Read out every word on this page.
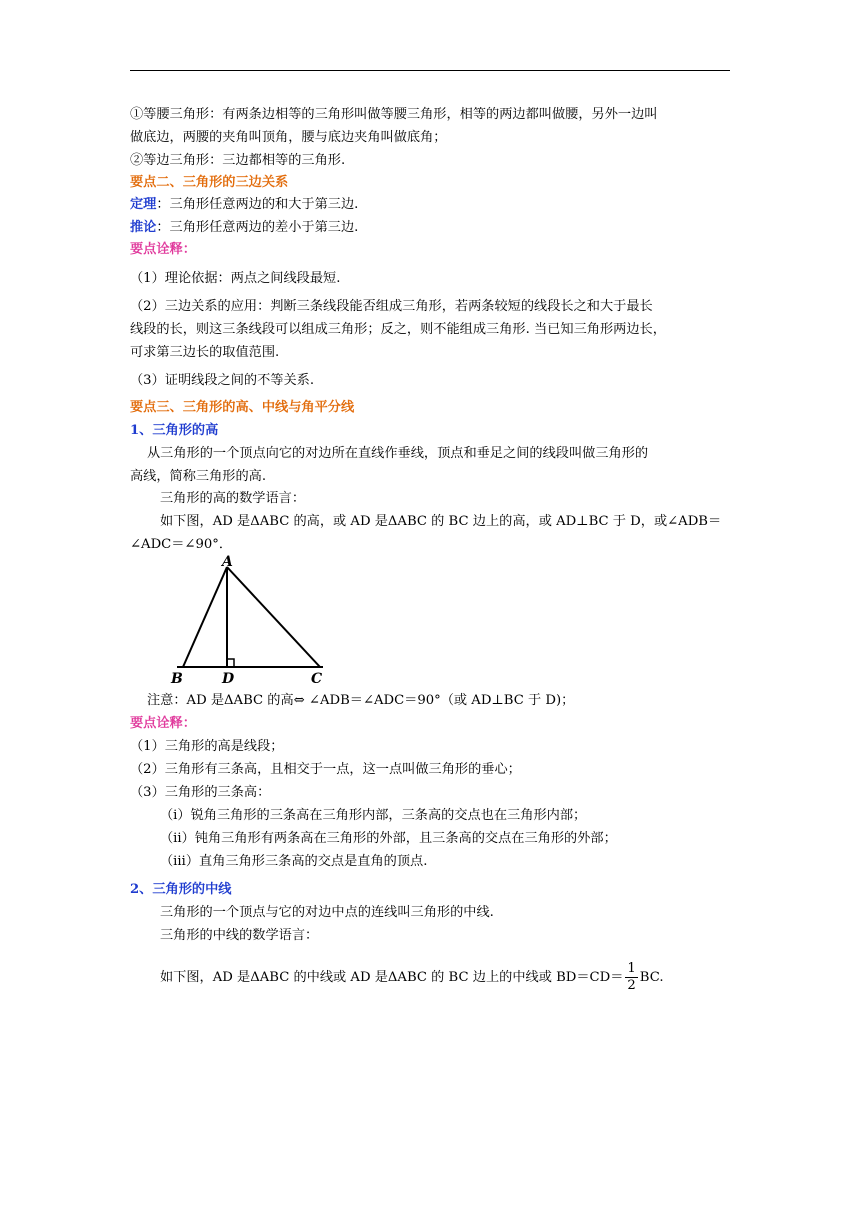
①等腰三角形：有两条边相等的三角形叫做等腰三角形，相等的两边都叫做腰，另外一边叫
做底边，两腰的夹角叫顶角，腰与底边夹角叫做底角；
②等边三角形：三边都相等的三角形.
要点二、三角形的三边关系
定理：三角形任意两边的和大于第三边.
推论：三角形任意两边的差小于第三边.
要点诠释：
（1）理论依据：两点之间线段最短.
（2）三边关系的应用：判断三条线段能否组成三角形，若两条较短的线段长之和大于最长
线段的长，则这三条线段可以组成三角形；反之，则不能组成三角形. 当已知三角形两边长，
可求第三边长的取值范围.
（3）证明线段之间的不等关系.
要点三、三角形的高、中线与角平分线
1、三角形的高
从三角形的一个顶点向它的对边所在直线作垂线，顶点和垂足之间的线段叫做三角形的
高线，简称三角形的高.
三角形的高的数学语言：
如下图，AD 是ΔABC 的高，或 AD 是ΔABC 的 BC 边上的高，或 AD⊥BC 于 D，或∠ADB＝
∠ADC＝∠90°．
A
B	D	C
注意：AD 是ΔABC 的高⇔ ∠ADB＝∠ADC＝90°（或 AD⊥BC 于 D)；
要点诠释：
（1）三角形的高是线段；
（2）三角形有三条高，且相交于一点，这一点叫做三角形的垂心；
（3）三角形的三条高：
（ⅰ）锐角三角形的三条高在三角形内部，三条高的交点也在三角形内部；
（ⅱ）钝角三角形有两条高在三角形的外部，且三条高的交点在三角形的外部；
（ⅲ）直角三角形三条高的交点是直角的顶点.
2、三角形的中线
三角形的一个顶点与它的对边中点的连线叫三角形的中线.
三角形的中线的数学语言：
如下图，AD 是ΔABC 的中线或 AD 是ΔABC 的 BC 边上的中线或 $BD=CD= \frac{1}{2}$ BC.
